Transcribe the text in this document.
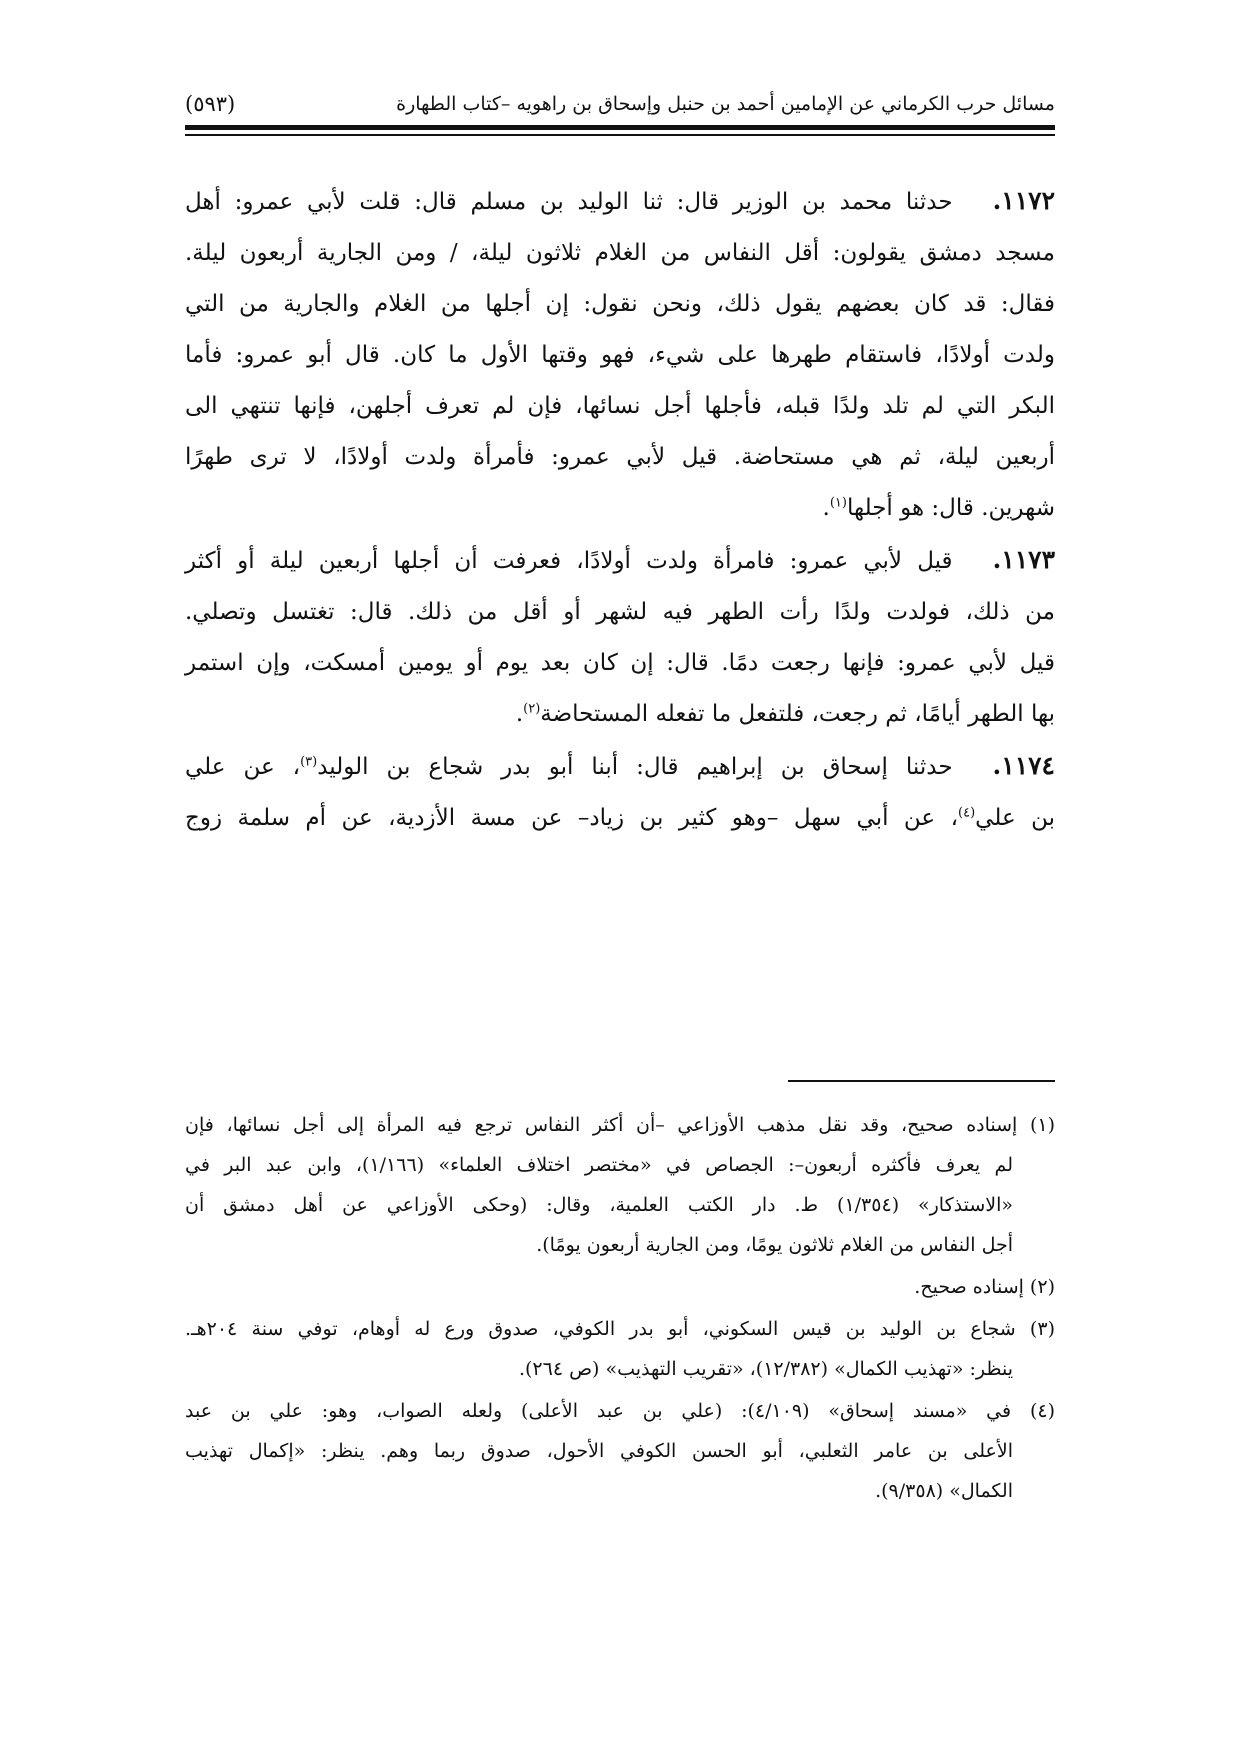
مسائل حرب الكرماني عن الإمامين أحمد بن حنبل وإسحاق بن راهويه –كتاب الطهارة
(٥٩٣)
١١٧٢.حدثنا محمد بن الوزير قال: ثنا الوليد بن مسلم قال: قلت لأبي عمرو: أهل
مسجد دمشق يقولون: أقل النفاس من الغلام ثلاثون ليلة، / ومن الجارية أربعون ليلة.
فقال: قد كان بعضهم يقول ذلك، ونحن نقول: إن أجلها من الغلام والجارية من التي
ولدت أولادًا، فاستقام طهرها على شيء، فهو وقتها الأول ما كان. قال أبو عمرو: فأما
البكر التي لم تلد ولدًا قبله، فأجلها أجل نسائها، فإن لم تعرف أجلهن، فإنها تنتهي الى
أربعين ليلة، ثم هي مستحاضة. قيل لأبي عمرو: فأمرأة ولدت أولادًا، لا ترى طهرًا
شهرين. قال: هو أجلها$^{(١)}$.
١١٧٣.قيل لأبي عمرو: فامرأة ولدت أولادًا، فعرفت أن أجلها أربعين ليلة أو أكثر
من ذلك، فولدت ولدًا رأت الطهر فيه لشهر أو أقل من ذلك. قال: تغتسل وتصلي.
قيل لأبي عمرو: فإنها رجعت دمًا. قال: إن كان بعد يوم أو يومين أمسكت، وإن استمر
بها الطهر أيامًا، ثم رجعت، فلتفعل ما تفعله المستحاضة$^{(٢)}$.
١١٧٤.حدثنا إسحاق بن إبراهيم قال: أبنا أبو بدر شجاع بن الوليد$^{(٣)}$، عن علي
بن علي$^{(٤)}$، عن أبي سهل –وهو كثير بن زياد– عن مسة الأزدية، عن أم سلمة زوج
(١) إسناده صحيح، وقد نقل مذهب الأوزاعي –أن أكثر النفاس ترجع فيه المرأة إلى أجل نسائها، فإن
لم يعرف فأكثره أربعون–: الجصاص في «مختصر اختلاف العلماء» (١/١٦٦)، وابن عبد البر في
«الاستذكار» (١/٣٥٤) ط. دار الكتب العلمية، وقال: (وحكى الأوزاعي عن أهل دمشق أن
أجل النفاس من الغلام ثلاثون يومًا، ومن الجارية أربعون يومًا).
(٢) إسناده صحيح.
(٣) شجاع بن الوليد بن قيس السكوني، أبو بدر الكوفي، صدوق ورع له أوهام، توفي سنة ٢٠٤هـ.
ينظر: «تهذيب الكمال» (١٢/٣٨٢)، «تقريب التهذيب» (ص ٢٦٤).
(٤) في «مسند إسحاق» (٤/١٠٩): (علي بن عبد الأعلى) ولعله الصواب، وهو: علي بن عبد
الأعلى بن عامر الثعلبي، أبو الحسن الكوفي الأحول، صدوق ربما وهم. ينظر: «إكمال تهذيب
الكمال» (٩/٣٥٨).
